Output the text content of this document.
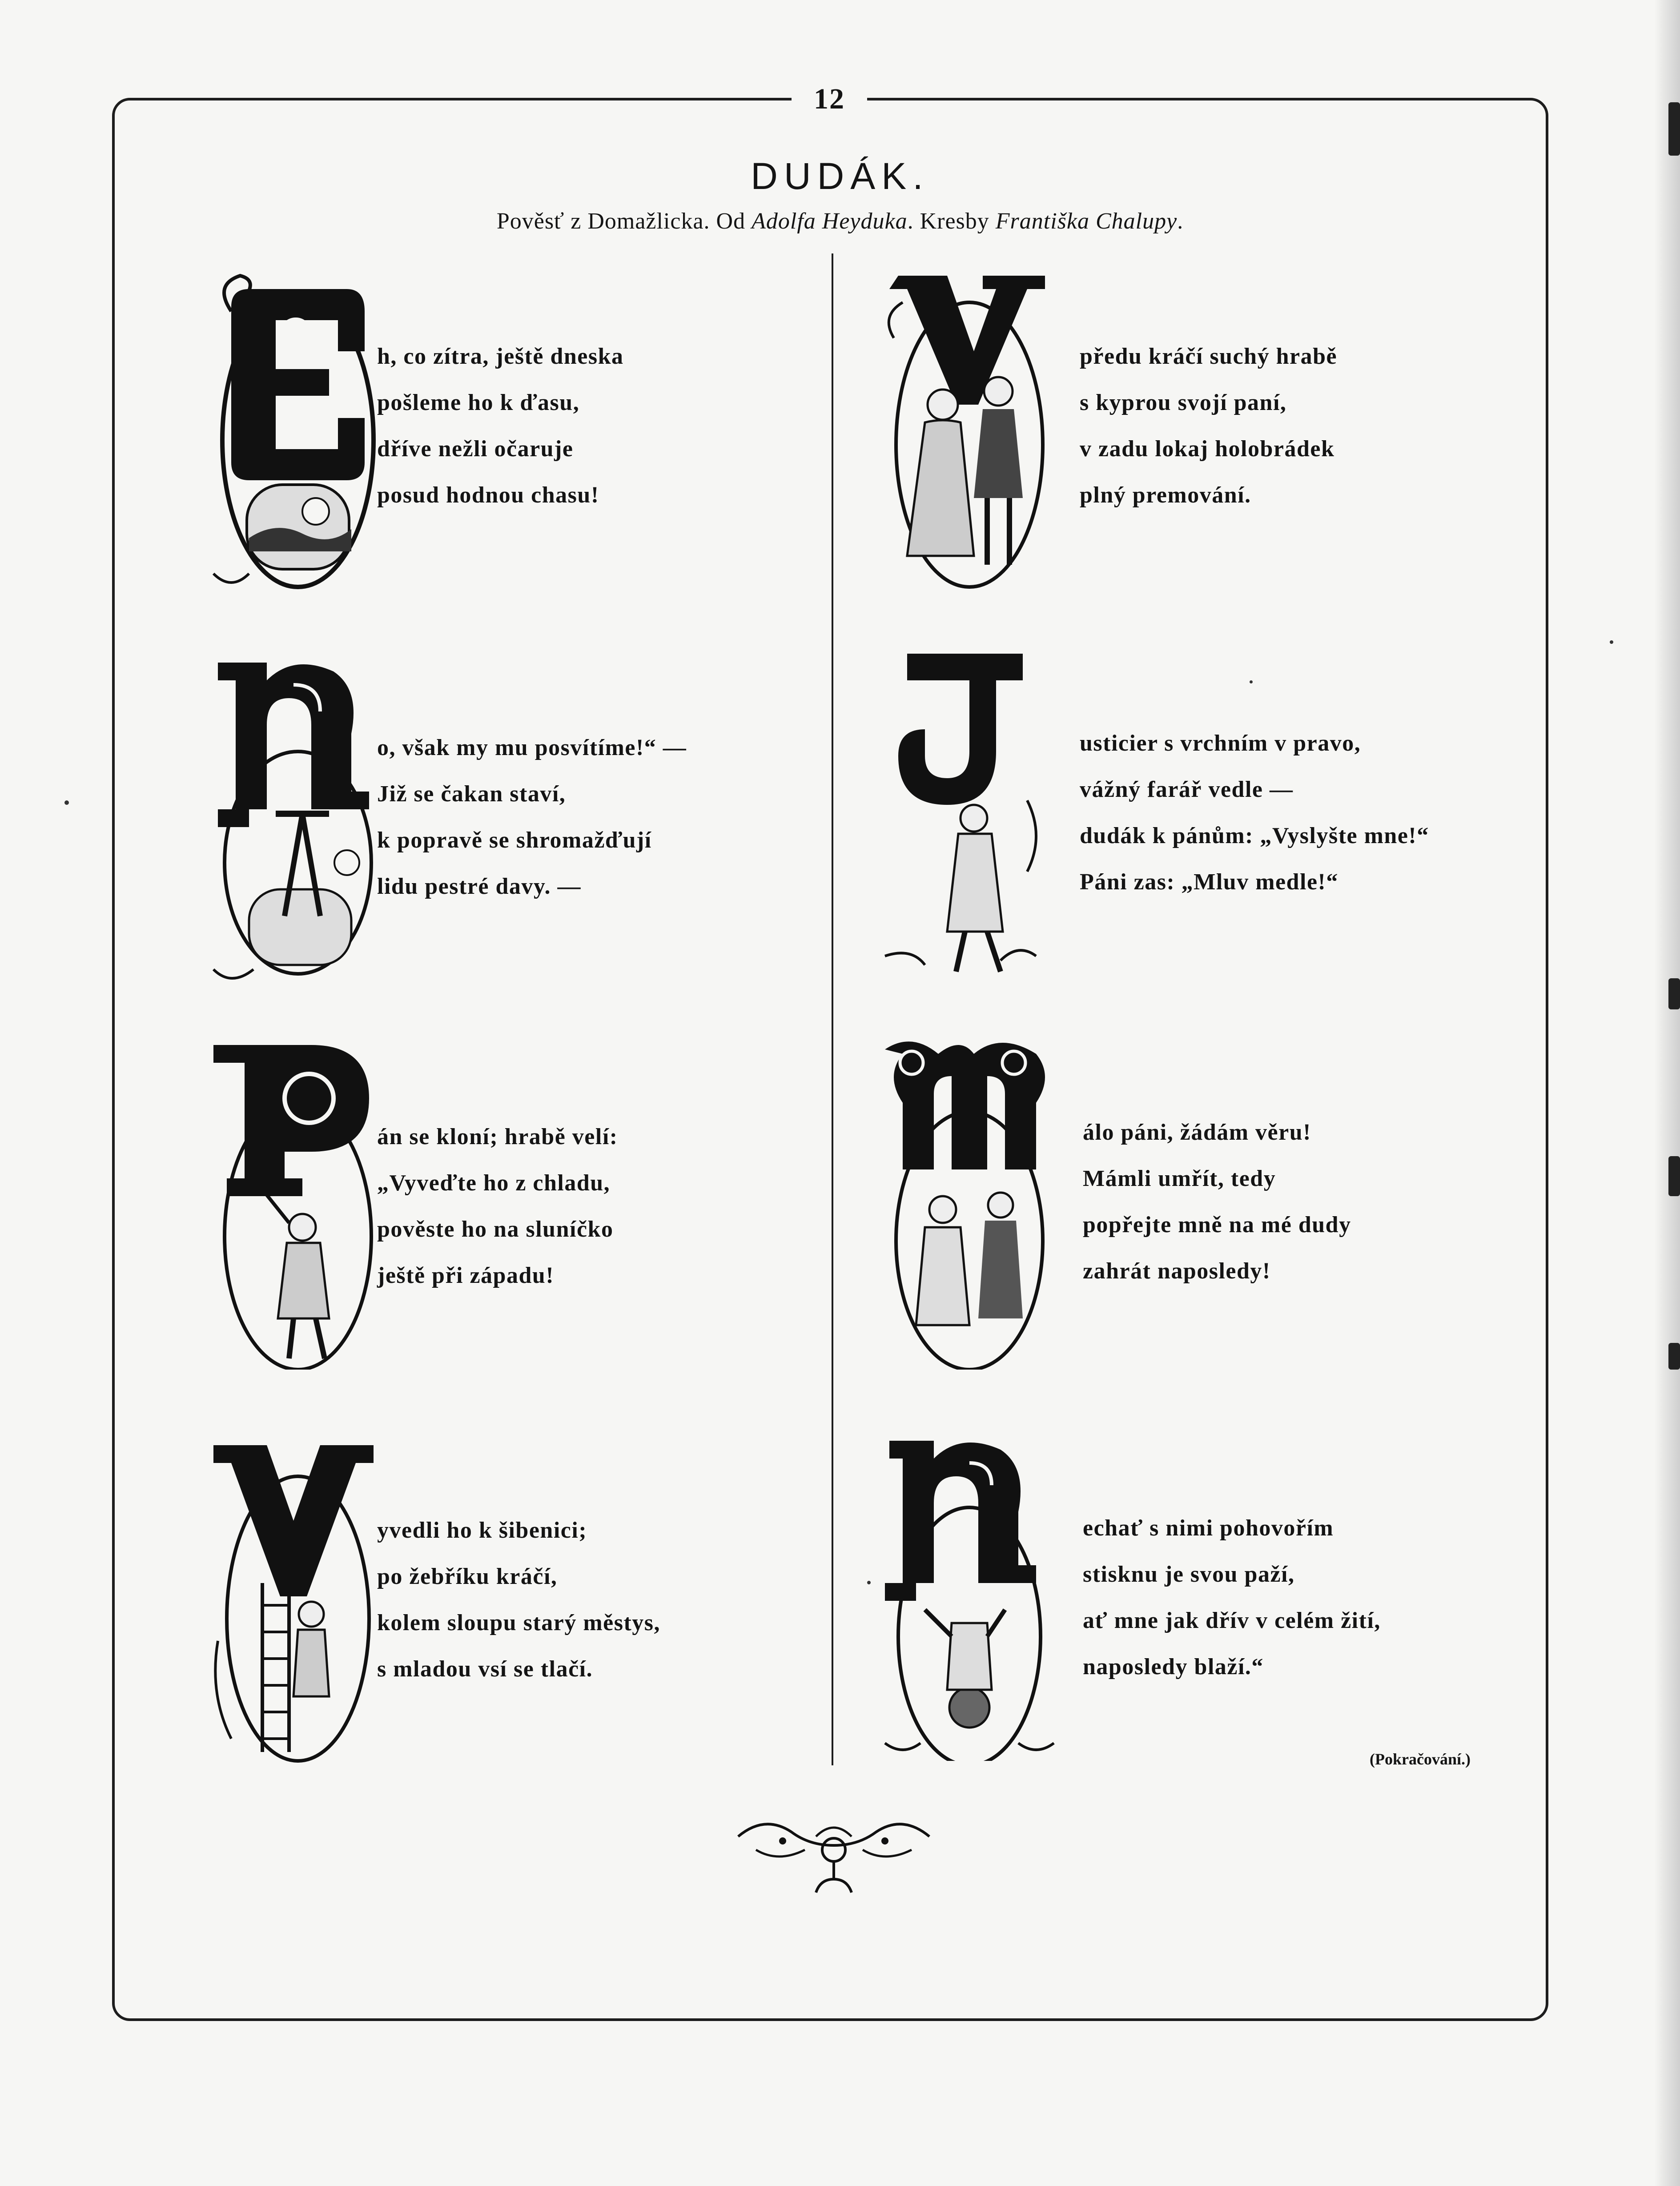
12
DUDÁK.
Pověsť z Domažlicka. Od Adolfa Heyduka. Kresby Františka Chalupy.
h, co zítra, ještě dneska
pošleme ho k ďasu,
dříve nežli očaruje
posud hodnou chasu!
předu kráčí suchý hrabě
s kyprou svojí paní,
v zadu lokaj holobrádek
plný premování.
o, však my mu posvítíme!“ —
Již se čakan staví,
k popravě se shromažďují
lidu pestré davy. —
usticier s vrchním v pravo,
vážný farář vedle —
dudák k pánům: „Vyslyšte mne!“
Páni zas: „Mluv medle!“
án se kloní; hrabě velí:
„Vyveďte ho z chladu,
pověste ho na sluníčko
ještě při západu!
álo páni, žádám věru!
Mámli umřít, tedy
popřejte mně na mé dudy
zahrát naposledy!
yvedli ho k šibenici;
po žebříku kráčí,
kolem sloupu starý městys,
s mladou vsí se tlačí.
echať s nimi pohovořím
stisknu je svou paží,
ať mne jak dřív v celém žití,
naposledy blaží.“
(Pokračování.)
